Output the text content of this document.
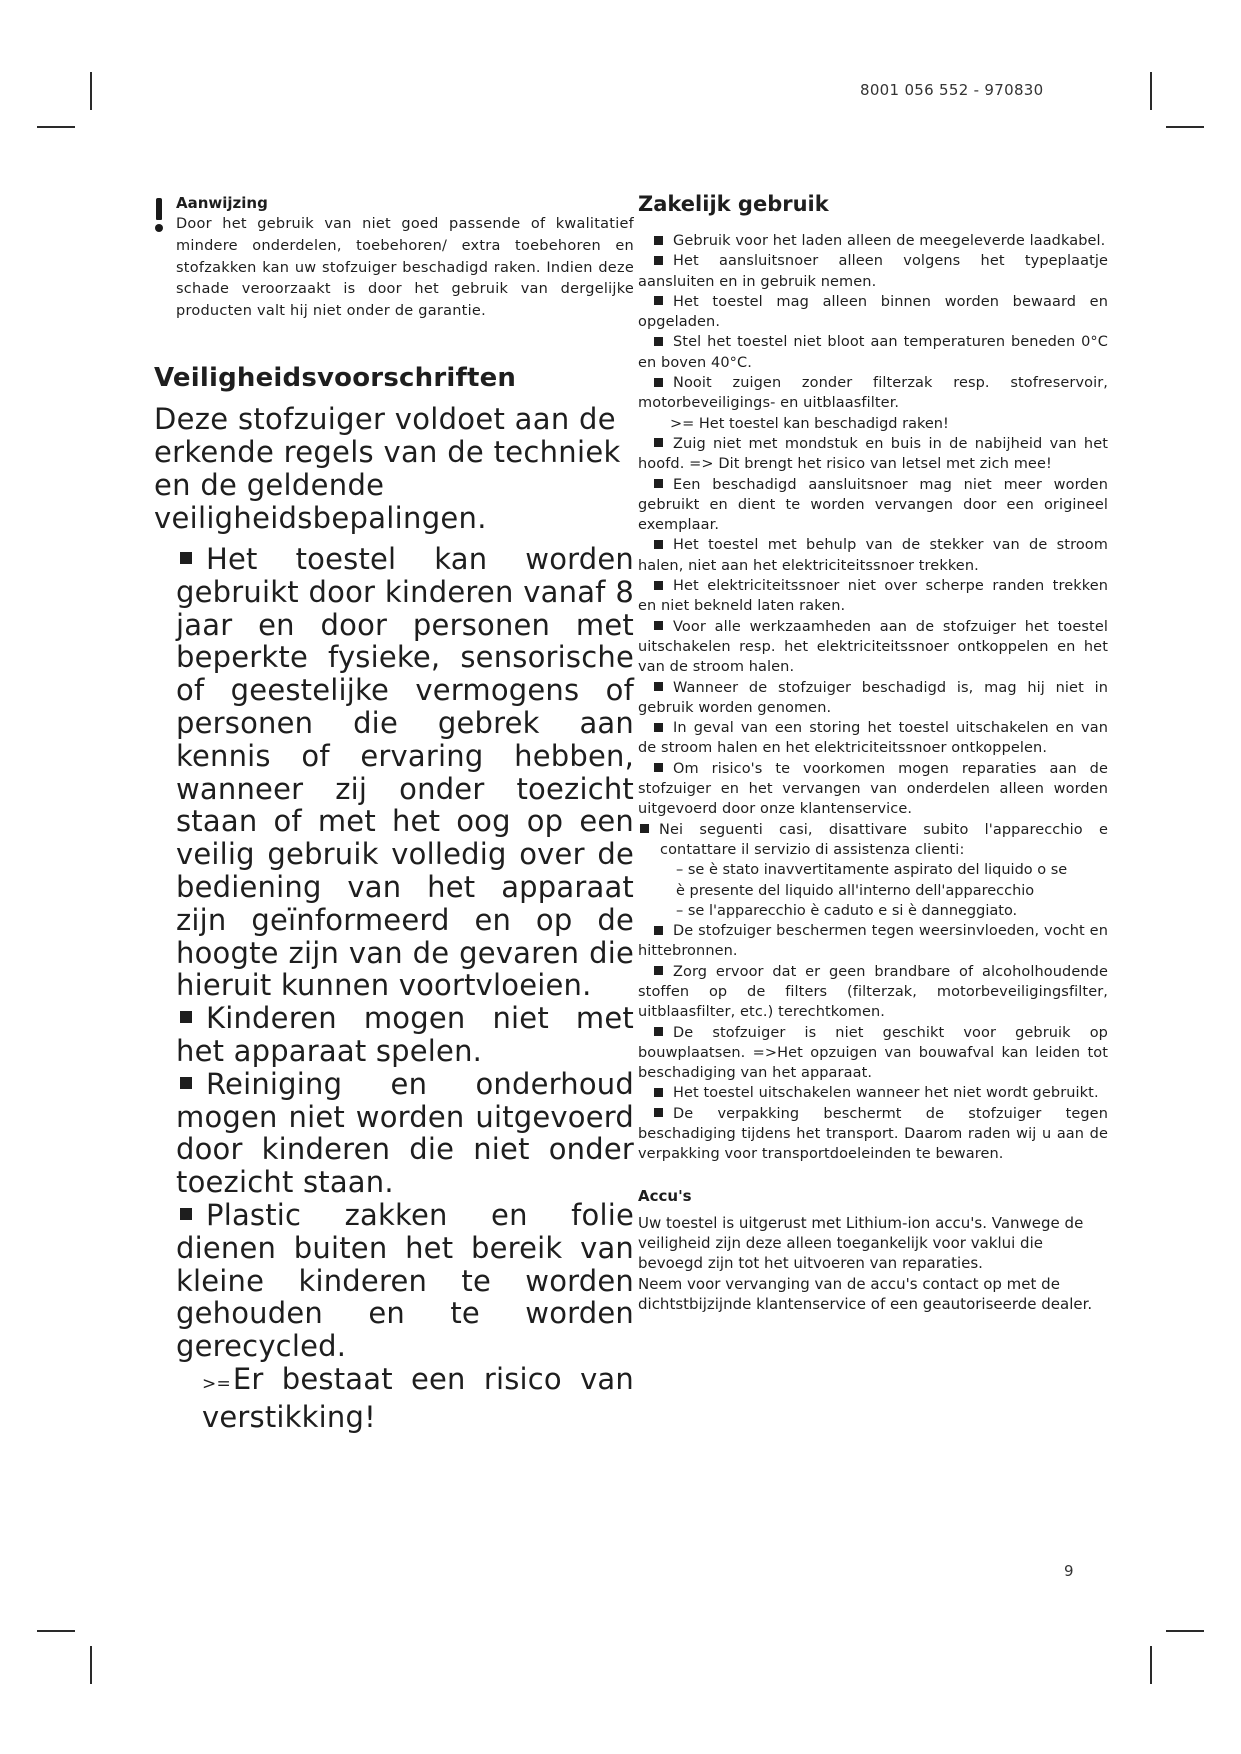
8001 056 552 - 970830
9
Aanwijzing
Door het gebruik van niet goed passende of kwalitatief mindere onderdelen, toebehoren/ extra toebehoren en stofzakken kan uw stofzuiger beschadigd raken. Indien deze schade veroorzaakt is door het gebruik van dergelijke producten valt hij niet onder de garantie.
Veiligheidsvoorschriften
Deze stofzuiger voldoet aan de erkende regels van de techniek en de geldende veiligheidsbepalingen.
Het toestel kan worden gebruikt door kinderen vanaf 8 jaar en door personen met beperkte fysieke, sensorische of geestelijke vermogens of personen die gebrek aan kennis of ervaring hebben, wanneer zij onder toezicht staan of met het oog op een veilig gebruik volledig over de bediening van het apparaat zijn geïnformeerd en op de hoogte zijn van de gevaren die hieruit kunnen voortvloeien.
Kinderen mogen niet met het apparaat spelen.
Reiniging en onderhoud mogen niet worden uitgevoerd door kinderen die niet onder toezicht staan.
Plastic zakken en folie dienen buiten het bereik van kleine kinderen te worden gehouden en te worden gerecycled.
>=Er bestaat een risico van verstikking!
Zakelijk gebruik
Gebruik voor het laden alleen de meegeleverde laadkabel.
Het aansluitsnoer alleen volgens het typeplaatje aansluiten en in gebruik nemen.
Het toestel mag alleen binnen worden bewaard en opgeladen.
Stel het toestel niet bloot aan temperaturen beneden 0°C en boven 40°C.
Nooit zuigen zonder filterzak resp. stofreservoir, motorbeveiligings- en uitblaasfilter.
>= Het toestel kan beschadigd raken!
Zuig niet met mondstuk en buis in de nabijheid van het hoofd. => Dit brengt het risico van letsel met zich mee!
Een beschadigd aansluitsnoer mag niet meer worden gebruikt en dient te worden vervangen door een origineel exemplaar.
Het toestel met behulp van de stekker van de stroom halen, niet aan het elektriciteitssnoer trekken.
Het elektriciteitssnoer niet over scherpe randen trekken en niet bekneld laten raken.
Voor alle werkzaamheden aan de stofzuiger het toestel uitschakelen resp. het elektriciteitssnoer ontkoppelen en het van de stroom halen.
Wanneer de stofzuiger beschadigd is, mag hij niet in gebruik worden genomen.
In geval van een storing het toestel uitschakelen en van de stroom halen en het elektriciteitssnoer ontkoppelen.
Om risico's te voorkomen mogen reparaties aan de stofzuiger en het vervangen van onderdelen alleen worden uitgevoerd door onze klantenservice.
Nei seguenti casi, disattivare subito l'apparecchio e contattare il servizio di assistenza clienti:
– se è stato inavvertitamente aspirato del liquido o se
è presente del liquido all'interno dell'apparecchio
– se l'apparecchio è caduto e si è danneggiato.
De stofzuiger beschermen tegen weersinvloeden, vocht en hittebronnen.
Zorg ervoor dat er geen brandbare of alcoholhoudende stoffen op de filters (filterzak, motorbeveiligingsfilter, uitblaasfilter, etc.) terechtkomen.
De stofzuiger is niet geschikt voor gebruik op bouwplaatsen. =>Het opzuigen van bouwafval kan leiden tot beschadiging van het apparaat.
Het toestel uitschakelen wanneer het niet wordt gebruikt.
De verpakking beschermt de stofzuiger tegen beschadiging tijdens het transport. Daarom raden wij u aan de verpakking voor transportdoeleinden te bewaren.
Accu's
Uw toestel is uitgerust met Lithium-ion accu's. Vanwege de veiligheid zijn deze alleen toegankelijk voor vaklui die bevoegd zijn tot het uitvoeren van reparaties.
Neem voor vervanging van de accu's contact op met de dichtstbijzijnde klantenservice of een geautoriseerde dealer.
